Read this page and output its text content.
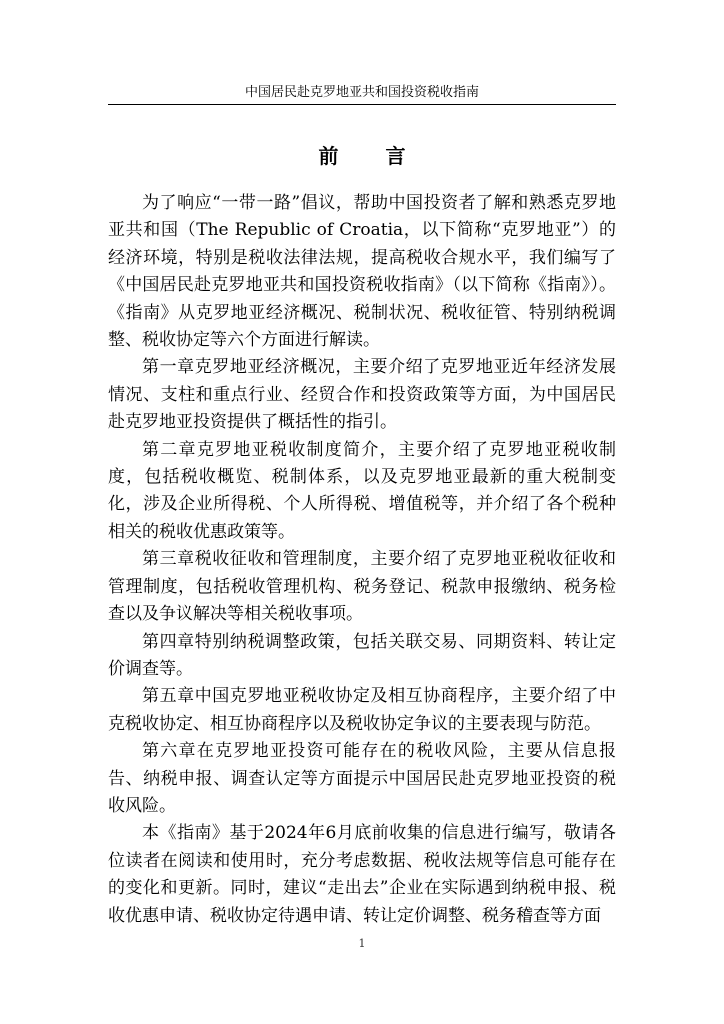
中国居民赴克罗地亚共和国投资税收指南
前 言

为了响应“一带一路”倡议，帮助中国投资者了解和熟悉克罗地亚共和国（The Republic of Croatia，以下简称“克罗地亚”）的经济环境，特别是税收法律法规，提高税收合规水平，我们编写了《中国居民赴克罗地亚共和国投资税收指南》（以下简称《指南》）。《指南》从克罗地亚经济概况、税制状况、税收征管、特别纳税调整、税收协定等六个方面进行解读。

第一章克罗地亚经济概况，主要介绍了克罗地亚近年经济发展情况、支柱和重点行业、经贸合作和投资政策等方面，为中国居民赴克罗地亚投资提供了概括性的指引。

第二章克罗地亚税收制度简介，主要介绍了克罗地亚税收制度，包括税收概览、税制体系，以及克罗地亚最新的重大税制变化，涉及企业所得税、个人所得税、增值税等，并介绍了各个税种相关的税收优惠政策等。

第三章税收征收和管理制度，主要介绍了克罗地亚税收征收和管理制度，包括税收管理机构、税务登记、税款申报缴纳、税务检查以及争议解决等相关税收事项。

第四章特别纳税调整政策，包括关联交易、同期资料、转让定价调查等。

第五章中国克罗地亚税收协定及相互协商程序，主要介绍了中克税收协定、相互协商程序以及税收协定争议的主要表现与防范。

第六章在克罗地亚投资可能存在的税收风险，主要从信息报告、纳税申报、调查认定等方面提示中国居民赴克罗地亚投资的税收风险。

本《指南》基于2024年6月底前收集的信息进行编写，敬请各位读者在阅读和使用时，充分考虑数据、税收法规等信息可能存在的变化和更新。同时，建议“走出去”企业在实际遇到纳税申报、税收优惠申请、税收协定待遇申请、转让定价调整、税务稽查等方面

1
